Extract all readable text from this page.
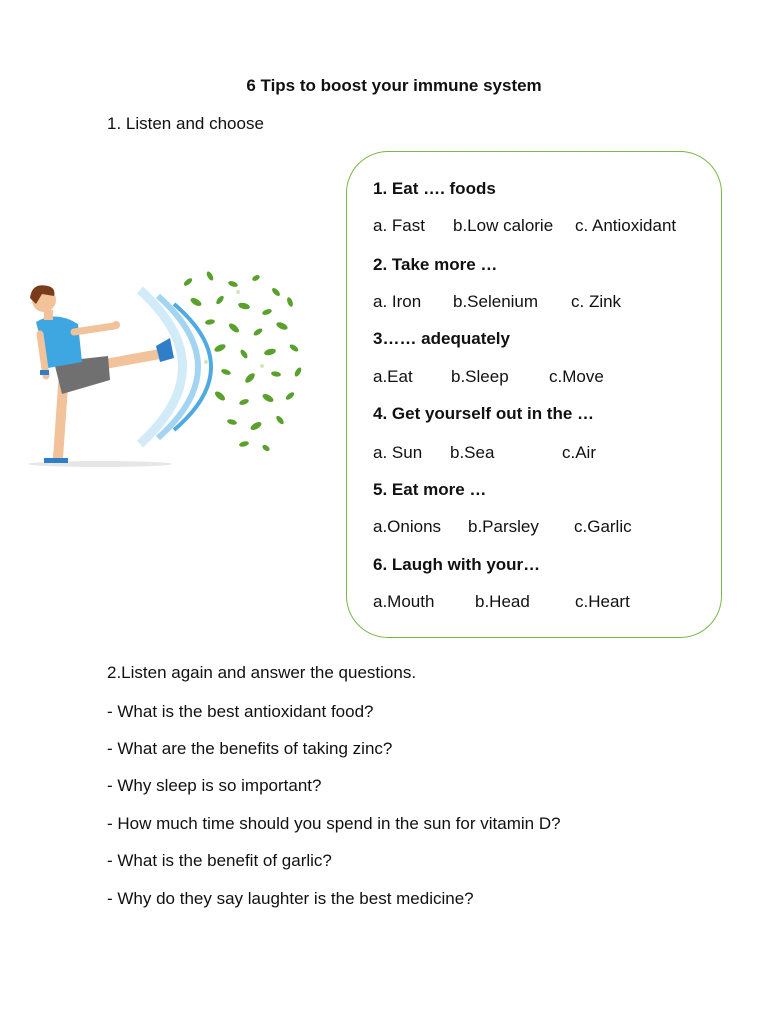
6 Tips to boost your immune system
1. Listen and choose
1. Eat …. foods
a. Fast b.Low calorie c. Antioxidant
2. Take more …
a. Iron b.Selenium c. Zink
3…… adequately
a.Eat b.Sleep c.Move
4. Get yourself out in the …
a. Sun b.Sea	c.Air
5. Eat more …
a.Onions b.Parsley c.Garlic
6. Laugh with your…
a.Mouth b.Head	c.Heart
2.Listen again and answer the questions.
- What is the best antioxidant food?
- What are the benefits of taking zinc?
- Why sleep is so important?
- How much time should you spend in the sun for vitamin D?
- What is the benefit of garlic?
- Why do they say laughter is the best medicine?
